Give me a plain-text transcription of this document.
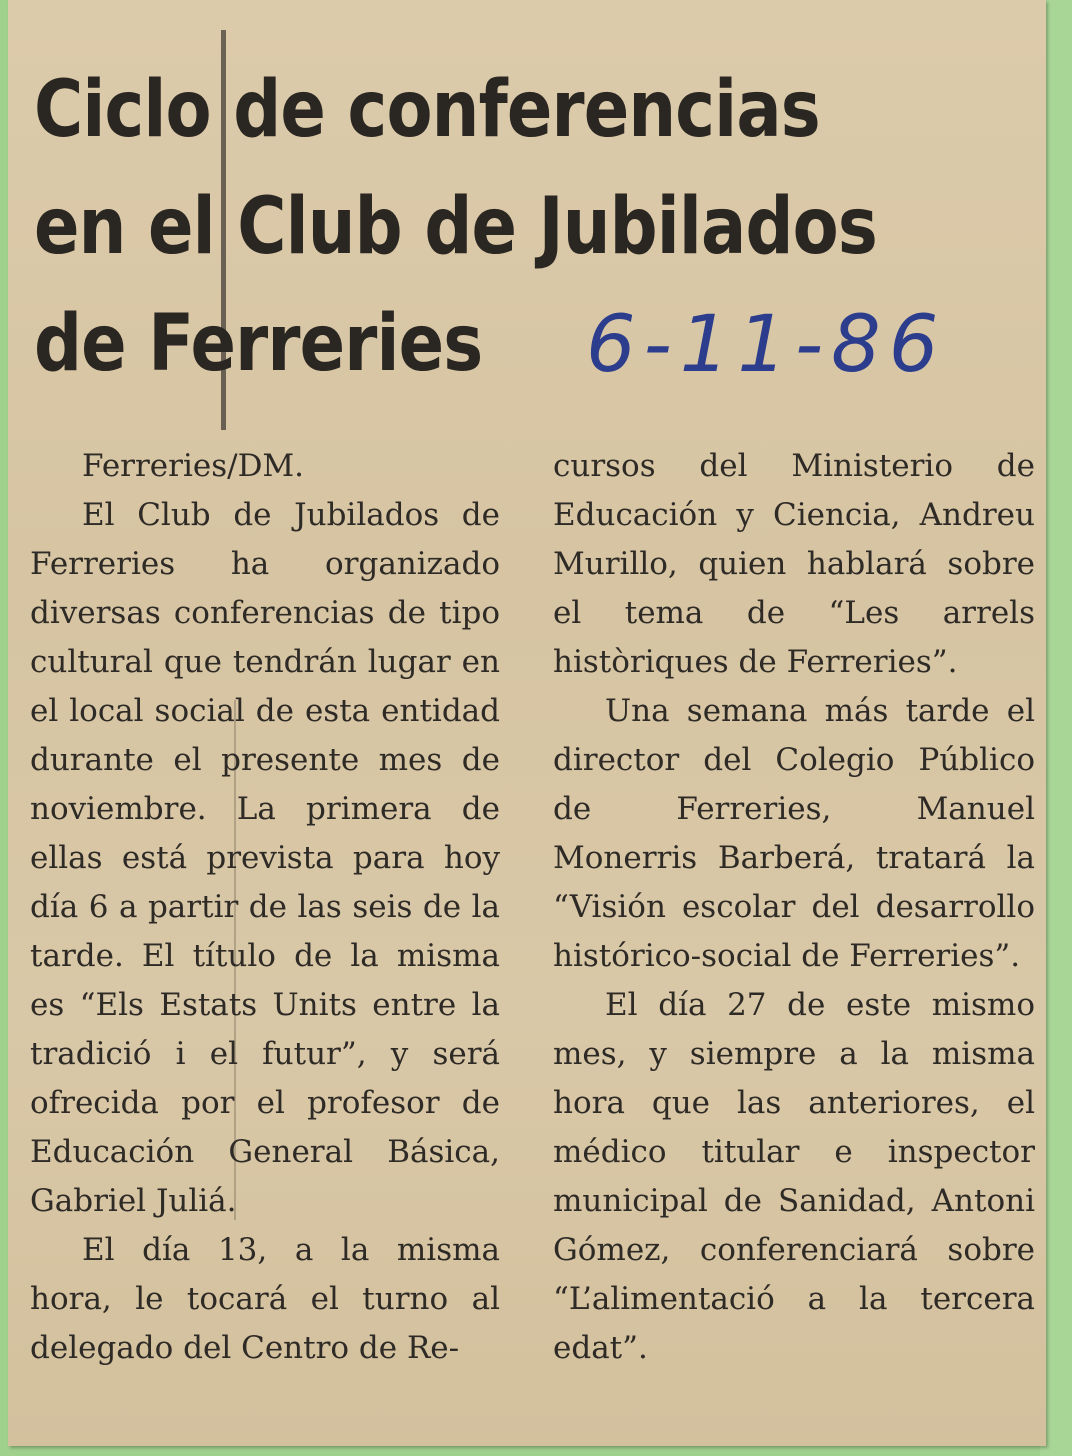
Ciclo de conferencias
en el Club de Jubilados
de Ferreries	6-11-86

Ferreries/DM.

El Club de Jubilados de Ferreries ha organizado diversas conferencias de tipo cultural que tendrán lugar en el local social de esta entidad durante el presente mes de noviembre. La primera de ellas está prevista para hoy día 6 a partir de las seis de la tarde. El título de la misma es “Els Estats Units entre la tradició i el futur”, y será ofrecida por el profesor de Educación General Básica, Gabriel Juliá.

El día 13, a la misma hora, le tocará el turno al delegado del Centro de Re-

cursos del Ministerio de Educación y Ciencia, Andreu Murillo, quien hablará sobre el tema de “Les arrels històriques de Ferreries”.

Una semana más tarde el director del Colegio Público de Ferreries, Manuel Monerris Barberá, tratará la “Visión escolar del desarrollo histórico-social de Ferreries”.

El día 27 de este mismo mes, y siempre a la misma hora que las anteriores, el médico titular e inspector municipal de Sanidad, Antoni Gómez, conferenciará sobre “L’alimentació a la tercera edat”.
